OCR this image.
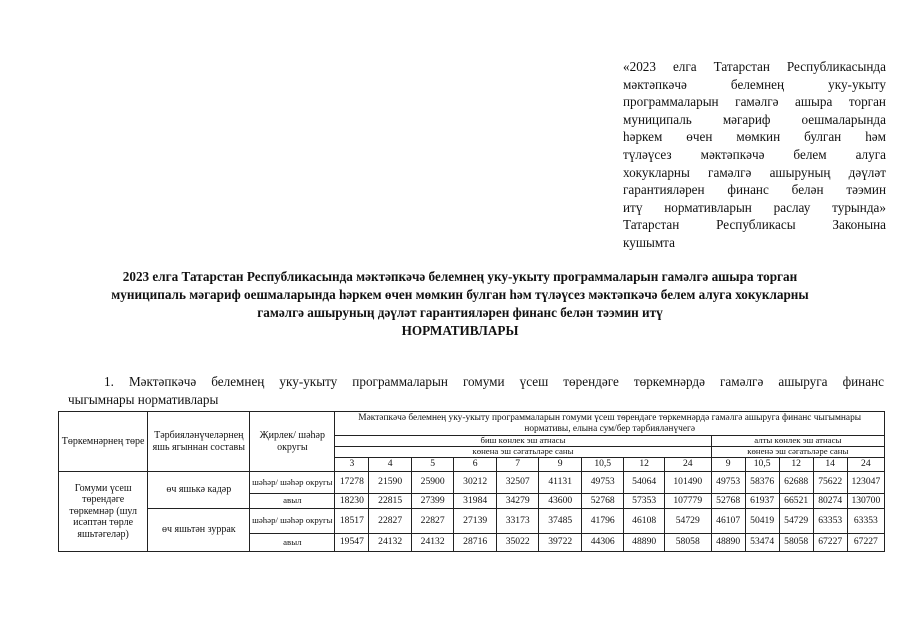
«2023 елга Татарстан Республикасында
мәктәпкәчә белемнең уку-укыту
программаларын гамәлгә ашыра торган
муниципаль мәгариф оешмаларында
һәркем өчен мөмкин булган һәм
түләүсез мәктәпкәчә белем алуга
хокукларны гамәлгә ашыруның дәүләт
гарантияләрен финанс белән тәэмин
итү нормативларын раслау турында»
Татарстан Республикасы Законына
кушымта
2023 елга Татарстан Республикасында мәктәпкәчә белемнең уку-укыту программаларын гамәлгә ашыра торган
муниципаль мәгариф оешмаларында һәркем өчен мөмкин булган һәм түләүсез мәктәпкәчә белем алуга хокукларны
гамәлгә ашыруның дәүләт гарантияләрен финанс белән тәэмин итү
НОРМАТИВЛАРЫ
1. Мәктәпкәчә белемнең уку-укыту программаларын гомуми үсеш төрендәге төркемнәрдә гамәлгә ашыруга финанс
чыгымнары нормативлары
Төркемнәрнең төре	Тәрбияләнүчеләрнең яшь ягыннан составы	Җирлек/ шәһәр округы	Мәктәпкәчә белемнең уку-укыту программаларын гомуми үсеш төрендәге төркемнәрдә гамәлгә ашыруга финанс чыгымнары нормативы, елына сум/бер тәрбияләнүчегә													
			биш көнлек эш атнасы									алты көнлек эш атнасы				
			көнена эш сәгатьләре саны									көненә эш сәгатьләре саны				
			3	4	5	6	7	9	10,5	12	24	9	10,5	12	14	24
Гомуми үсеш төрендәге төркемнәр (шул исәптән төрле яшьтәгеләр)	өч яшькә кадәр	шәһәр/ шәһәр округы	17278	21590	25900	30212	32507	41131	49753	54064	101490	49753	58376	62688	75622	123047
		авыл	18230	22815	27399	31984	34279	43600	52768	57353	107779	52768	61937	66521	80274	130700
	өч яшьтән зуррак	шәһәр/ шәһәр округы	18517	22827	22827	27139	33173	37485	41796	46108	54729	46107	50419	54729	63353	63353
		авыл	19547	24132	24132	28716	35022	39722	44306	48890	58058	48890	53474	58058	67227	67227
